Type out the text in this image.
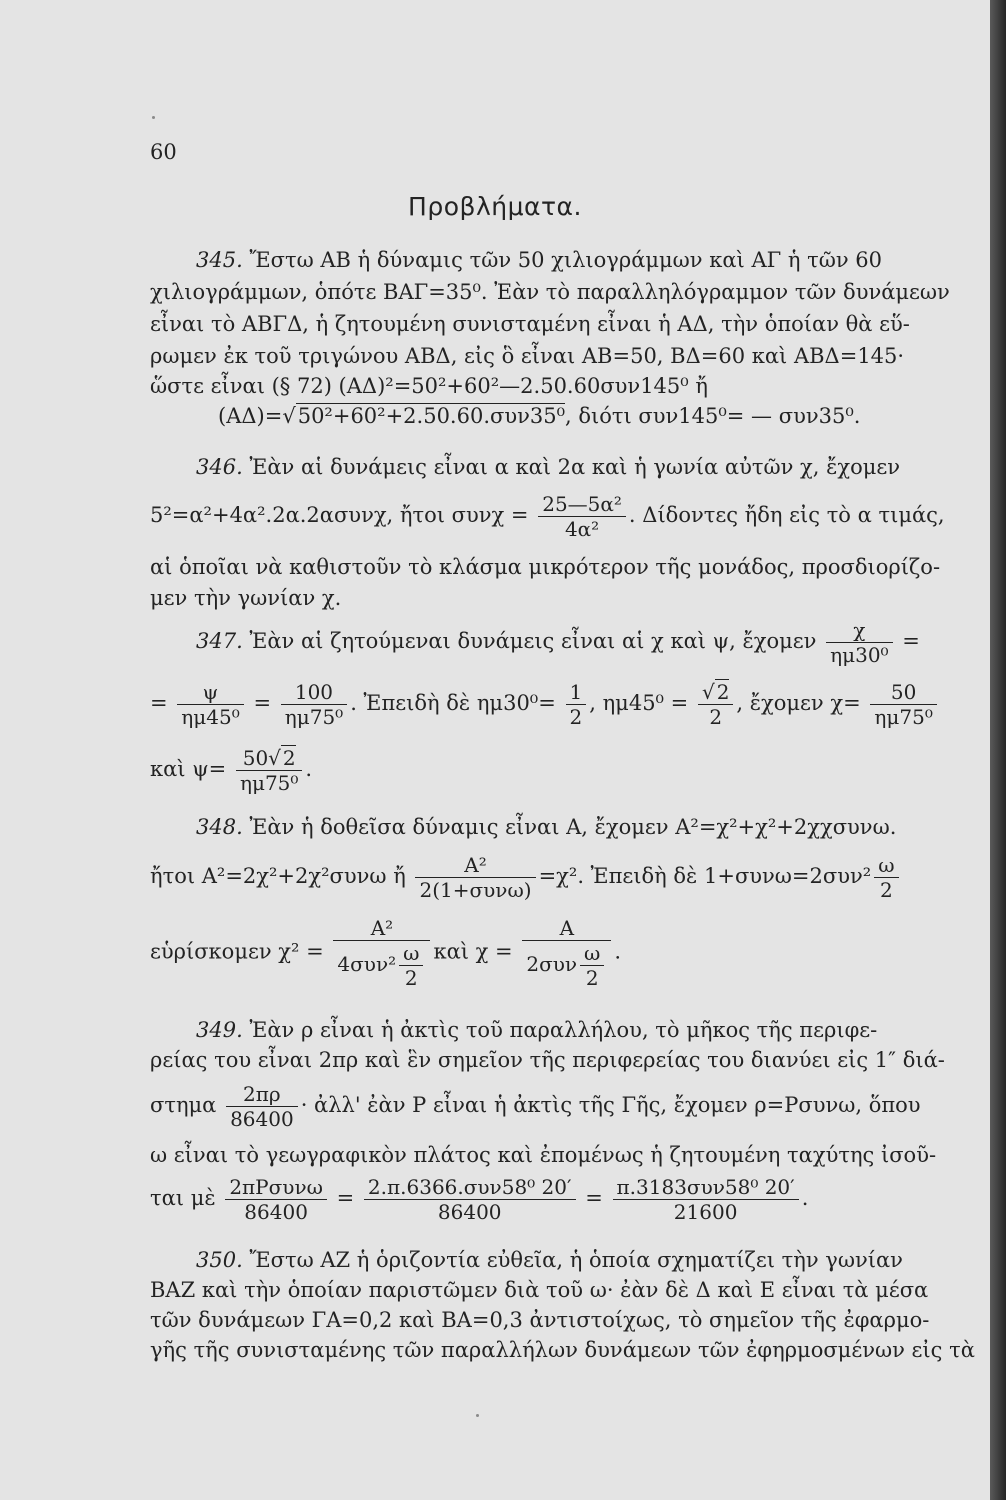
60
Προβλήματα.

345. Ἔστω ΑΒ ἡ δύναμις τῶν 50 χιλιογράμμων καὶ ΑΓ ἡ τῶν 60

χιλιογράμμων, ὁπότε ΒΑΓ=35⁰. Ἐὰν τὸ παραλληλόγραμμον τῶν δυνάμεων

εἶναι τὸ ΑΒΓΔ, ἡ ζητουμένη συνισταμένη εἶναι ἡ ΑΔ, τὴν ὁποίαν θὰ εὕ-

ρωμεν ἐκ τοῦ τριγώνου ΑΒΔ, εἰς ὃ εἶναι ΑΒ=50, ΒΔ=60 καὶ ΑΒΔ=145·

ὥστε εἶναι (§ 72) (ΑΔ)²=50²+60²—2.50.60συν145⁰ ἤ

(ΑΔ)=√50²+60²+2.50.60.συν35⁰, διότι συν145⁰= — συν35⁰.

346. Ἐὰν αἱ δυνάμεις εἶναι α καὶ 2α καὶ ἡ γωνία αὐτῶν χ, ἔχομεν

5²=α²+4α².2α.2ασυνχ, ἤτοι $\sigma\upsilon\nu\chi = \frac{\text{25—5α²}}{\text{4α²}}$ . Δίδοντες ἤδη εἰς τὸ α τιμάς,

αἱ ὁποῖαι νὰ καθιστοῦν τὸ κλάσμα μικρότερον τῆς μονάδος, προσδιορίζο-

μεν τὴν γωνίαν χ.

347. Ἐὰν αἱ ζητούμεναι δυνάμεις εἶναι αἱ χ καὶ ψ, ἔχομεν $\frac{\chi}{\text{ημ30⁰}}$ =
= $\frac{\psi}{\text{ημ45⁰}} = \frac{100}{\text{ημ75⁰}}$ . Ἐπειδὴ δὲ $\eta\mu 30^0= \frac{1}{2}$ , $\eta\mu 45^0 = \frac{√ 2}{2}$ , ἔχομεν $\chi= \frac{50}{\text{ημ75⁰}}$
καὶ $\psi= \frac{50√ 2}{\text{ημ75⁰}}$ .

348. Ἐὰν ἡ δοθεῖσα δύναμις εἶναι Α, ἔχομεν Α²=χ²+χ²+2χχσυνω.

ἤτοι Α²=2χ²+2χ²συνω ἤ $\frac{\text{Α²}}{\text{2(1+συνω)}} =\chi^2$. Ἐπειδὴ δὲ $1+\sigma\upsilon\nu\omega=2\sigma\upsilon\nu^2 \frac{\omega}{2}$
εὑρίσκομεν $\chi^2 = \frac{\text{Α²}}{4\sigma\upsilon\nu^2 \frac{\omega}{2}}$ καὶ $\chi = \frac{A}{2\sigma\upsilon\nu \frac{\omega}{2}}$ .

349. Ἐὰν ρ εἶναι ἡ ἀκτὶς τοῦ παραλλήλου, τὸ μῆκος τῆς περιφε-

ρείας του εἶναι 2πρ καὶ ἓν σημεῖον τῆς περιφερείας του διανύει εἰς 1″ διά-

στημα $\frac{2\pi\rho}{86400}$ · ἀλλ' ἐὰν Ρ εἶναι ἡ ἀκτὶς τῆς Γῆς, ἔχομεν ρ=Ρσυνω, ὅπου

ω εἶναι τὸ γεωγραφικὸν πλάτος καὶ ἐπομένως ἡ ζητουμένη ταχύτης ἰσοῦ-

ται μὲ $\frac{\text{2πΡσυνω}}{86400} = \frac{\text{2.π.6366.συν58⁰ 20′}}{86400} = \frac{\text{π.3183συν58⁰ 20′}}{21600}$ .

350. Ἔστω ΑΖ ἡ ὁριζοντία εὐθεῖα, ἡ ὁποία σχηματίζει τὴν γωνίαν

ΒΑΖ καὶ τὴν ὁποίαν παριστῶμεν διὰ τοῦ ω· ἐὰν δὲ Δ καὶ Ε εἶναι τὰ μέσα

τῶν δυνάμεων ΓΑ=0,2 καὶ ΒΑ=0,3 ἀντιστοίχως, τὸ σημεῖον τῆς ἐφαρμο-

γῆς τῆς συνισταμένης τῶν παραλλήλων δυνάμεων τῶν ἐφηρμοσμένων εἰς τὰ
